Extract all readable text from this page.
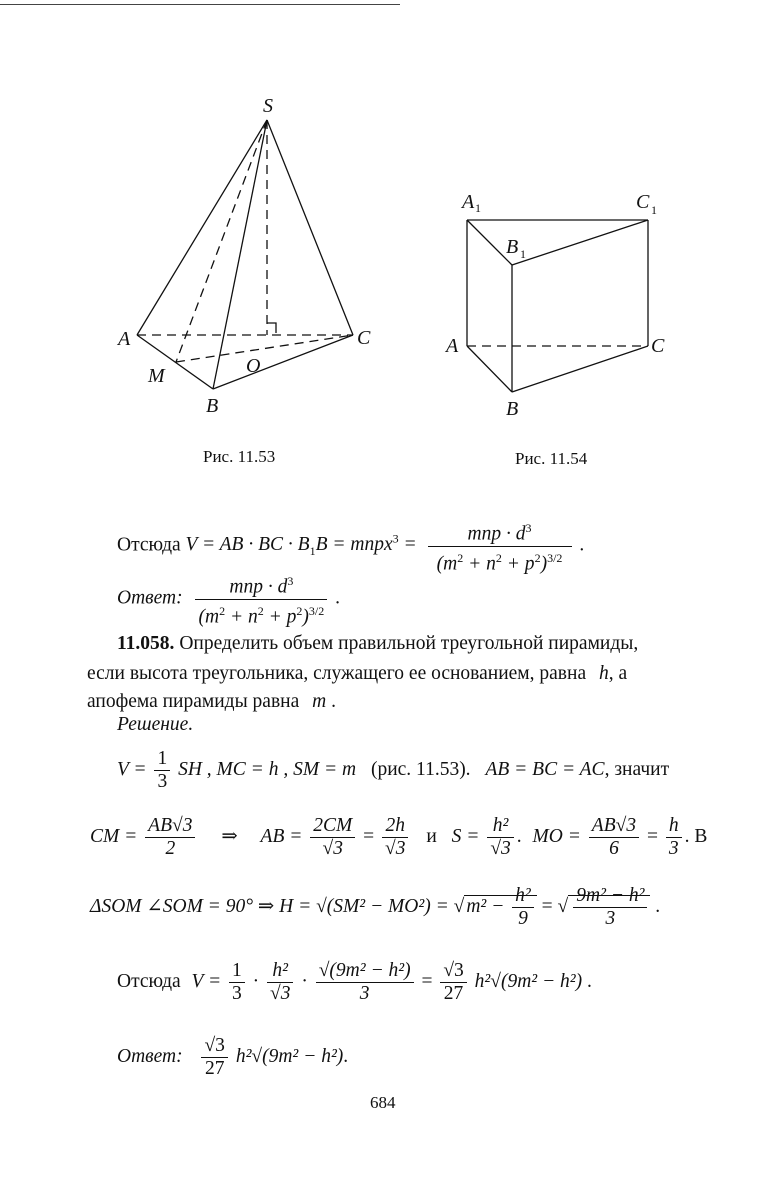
S
A	C
B
M	O
A 1	C 1
B 1
A	C
B
Рис. 11.53	Рис. 11.54
Отсюда V = AB · BC · $B_1B$ = mnpx$^3$ = $\frac{mnp \cdot d^3}{(m^2 + n^2 + p^2)^{3/2}}$ .
Ответ: $\frac{mnp \cdot d^3}{(m^2 + n^2 + p^2)^{3/2}}$ .
11.058. Определить объем правильной треугольной пирамиды,
если высота треугольника, служащего ее основанием, равна h, а
апофема пирамиды равна m .
Решение.
$V = \frac{1}{3}$ SH , MC = h , SM = m (рис. 11.53). AB = BC = AC, значит
CM = $\frac{AB√3}{2}$ ⇒ AB = $\frac{2CM}{√3} = \frac{2h}{√3}$ и $S = \frac{\text{h²}}{√3}$ . MO = $\frac{AB√3}{6} = \frac{h}{3}$ . В
ΔSOM ∠SOM = 90° ⇒ H = √(SM² − MO²) = √ $m^2 - \frac{\text{h²}}{9}$ = √ $\frac{\text{9m² − h²}}{3}$ .
Отсюда $V = \frac{1}{3} \cdot \frac{\text{h²}}{√3} \cdot \frac{\text{√(9m² − h²)}}{3} = \frac{√3}{27} h^2√(9m^2 - h^2)$ .
Ответ: $\frac{√3}{27} h^2√(9m^2 - h^2)$.
684
